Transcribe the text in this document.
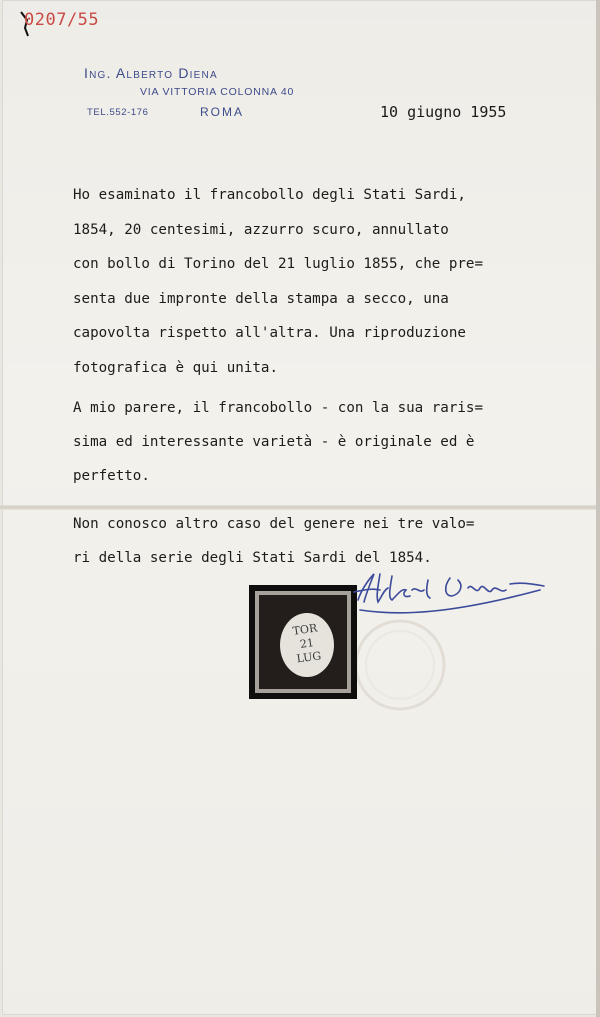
0207/55
Ing. Alberto Diena
VIA VITTORIA COLONNA 40
TEL.552-176	ROMA	10 giugno 1955
Ho esaminato il francobollo degli Stati Sardi,
1854, 20 centesimi, azzurro scuro, annullato
con bollo di Torino del 21 luglio 1855, che pre=
senta due impronte della stampa a secco, una
capovolta rispetto all'altra. Una riproduzione
fotografica è qui unita.
A mio parere, il francobollo - con la sua raris=
sima ed interessante varietà - è originale ed è
perfetto.
Non conosco altro caso del genere nei tre valo=
ri della serie degli Stati Sardi del 1854.
TOR
21
LUG
